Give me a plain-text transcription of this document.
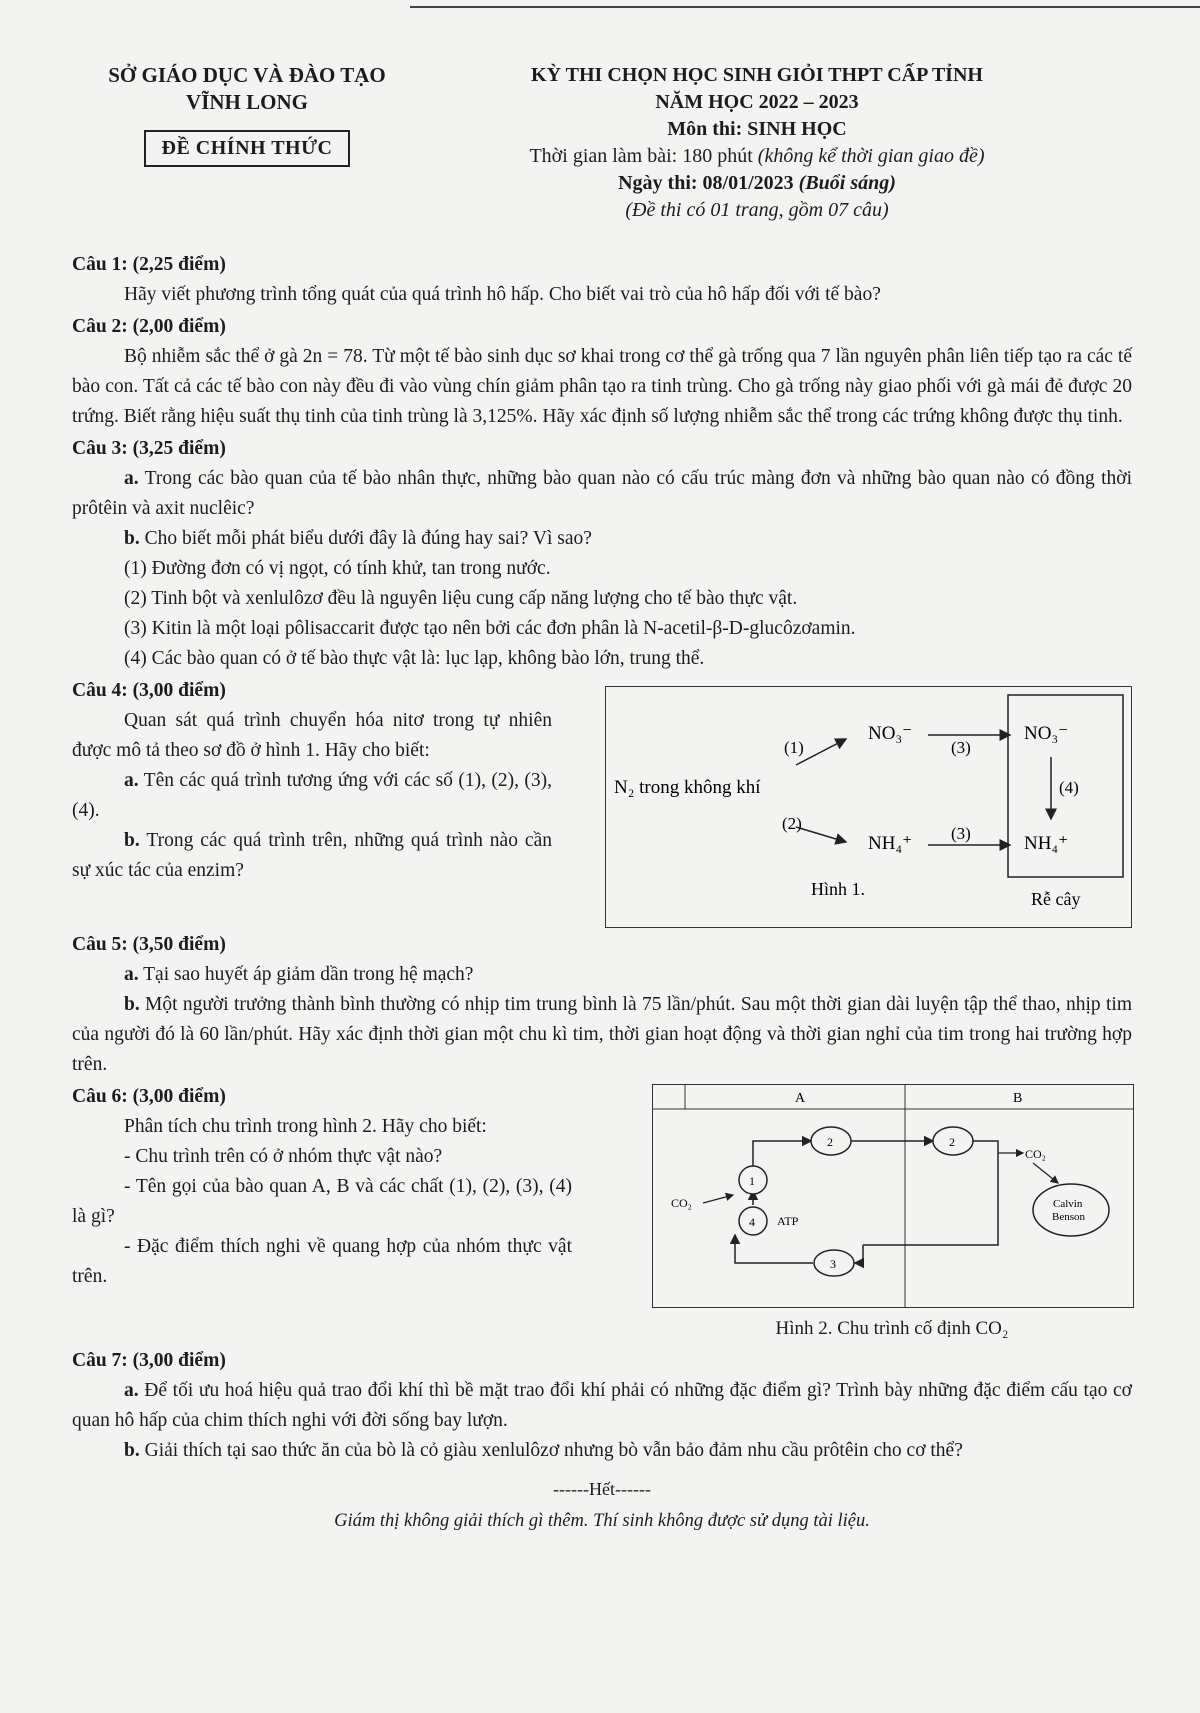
SỞ GIÁO DỤC VÀ ĐÀO TẠO
VĨNH LONG
ĐỀ CHÍNH THỨC
KỲ THI CHỌN HỌC SINH GIỎI THPT CẤP TỈNH
NĂM HỌC 2022 – 2023
Môn thi: SINH HỌC
Thời gian làm bài: 180 phút (không kể thời gian giao đề)
Ngày thi: 08/01/2023 (Buổi sáng)
(Đề thi có 01 trang, gồm 07 câu)
Câu 1: (2,25 điểm)

Hãy viết phương trình tổng quát của quá trình hô hấp. Cho biết vai trò của hô hấp đối với tế bào?

Câu 2: (2,00 điểm)

Bộ nhiễm sắc thể ở gà 2n = 78. Từ một tế bào sinh dục sơ khai trong cơ thể gà trống qua 7 lần nguyên phân liên tiếp tạo ra các tế bào con. Tất cả các tế bào con này đều đi vào vùng chín giảm phân tạo ra tinh trùng. Cho gà trống này giao phối với gà mái đẻ được 20 trứng. Biết rằng hiệu suất thụ tinh của tinh trùng là 3,125%. Hãy xác định số lượng nhiễm sắc thể trong các trứng không được thụ tinh.

Câu 3: (3,25 điểm)

a. Trong các bào quan của tế bào nhân thực, những bào quan nào có cấu trúc màng đơn và những bào quan nào có đồng thời prôtêin và axit nuclêic?

b. Cho biết mỗi phát biểu dưới đây là đúng hay sai? Vì sao?

(1) Đường đơn có vị ngọt, có tính khử, tan trong nước.

(2) Tinh bột và xenlulôzơ đều là nguyên liệu cung cấp năng lượng cho tế bào thực vật.

(3) Kitin là một loại pôlisaccarit được tạo nên bởi các đơn phân là N-acetil-β-D-glucôzơamin.

(4) Các bào quan có ở tế bào thực vật là: lục lạp, không bào lớn, trung thể.

Câu 4: (3,00 điểm)

Quan sát quá trình chuyển hóa nitơ trong tự nhiên được mô tả theo sơ đồ ở hình 1. Hãy cho biết:

a. Tên các quá trình tương ứng với các số (1), (2), (3), (4).

b. Trong các quá trình trên, những quá trình nào cần sự xúc tác của enzim?

N₂ trong không khí
(1)
(2)
NO₃⁻
NH₄⁺
(3)
(3)
NO₃⁻
NH₄⁺
(4)
Hình 1.	Rễ cây
Câu 5: (3,50 điểm)

a. Tại sao huyết áp giảm dần trong hệ mạch?

b. Một người trưởng thành bình thường có nhịp tim trung bình là 75 lần/phút. Sau một thời gian dài luyện tập thể thao, nhịp tim của người đó là 60 lần/phút. Hãy xác định thời gian một chu kì tim, thời gian hoạt động và thời gian nghỉ của tim trong hai trường hợp trên.

Câu 6: (3,00 điểm)

Phân tích chu trình trong hình 2. Hãy cho biết:

- Chu trình trên có ở nhóm thực vật nào?

- Tên gọi của bào quan A, B và các chất (1), (2), (3), (4) là gì?

- Đặc điểm thích nghi về quang hợp của nhóm thực vật trên.

A	B
1
4
2	2
3
Calvin
Benson
CO₂
CO₂
ATP
Hình 2. Chu trình cố định CO₂
Câu 7: (3,00 điểm)

a. Để tối ưu hoá hiệu quả trao đổi khí thì bề mặt trao đổi khí phải có những đặc điểm gì? Trình bày những đặc điểm cấu tạo cơ quan hô hấp của chim thích nghi với đời sống bay lượn.

b. Giải thích tại sao thức ăn của bò là cỏ giàu xenlulôzơ nhưng bò vẫn bảo đảm nhu cầu prôtêin cho cơ thể?

------Hết------
Giám thị không giải thích gì thêm. Thí sinh không được sử dụng tài liệu.
